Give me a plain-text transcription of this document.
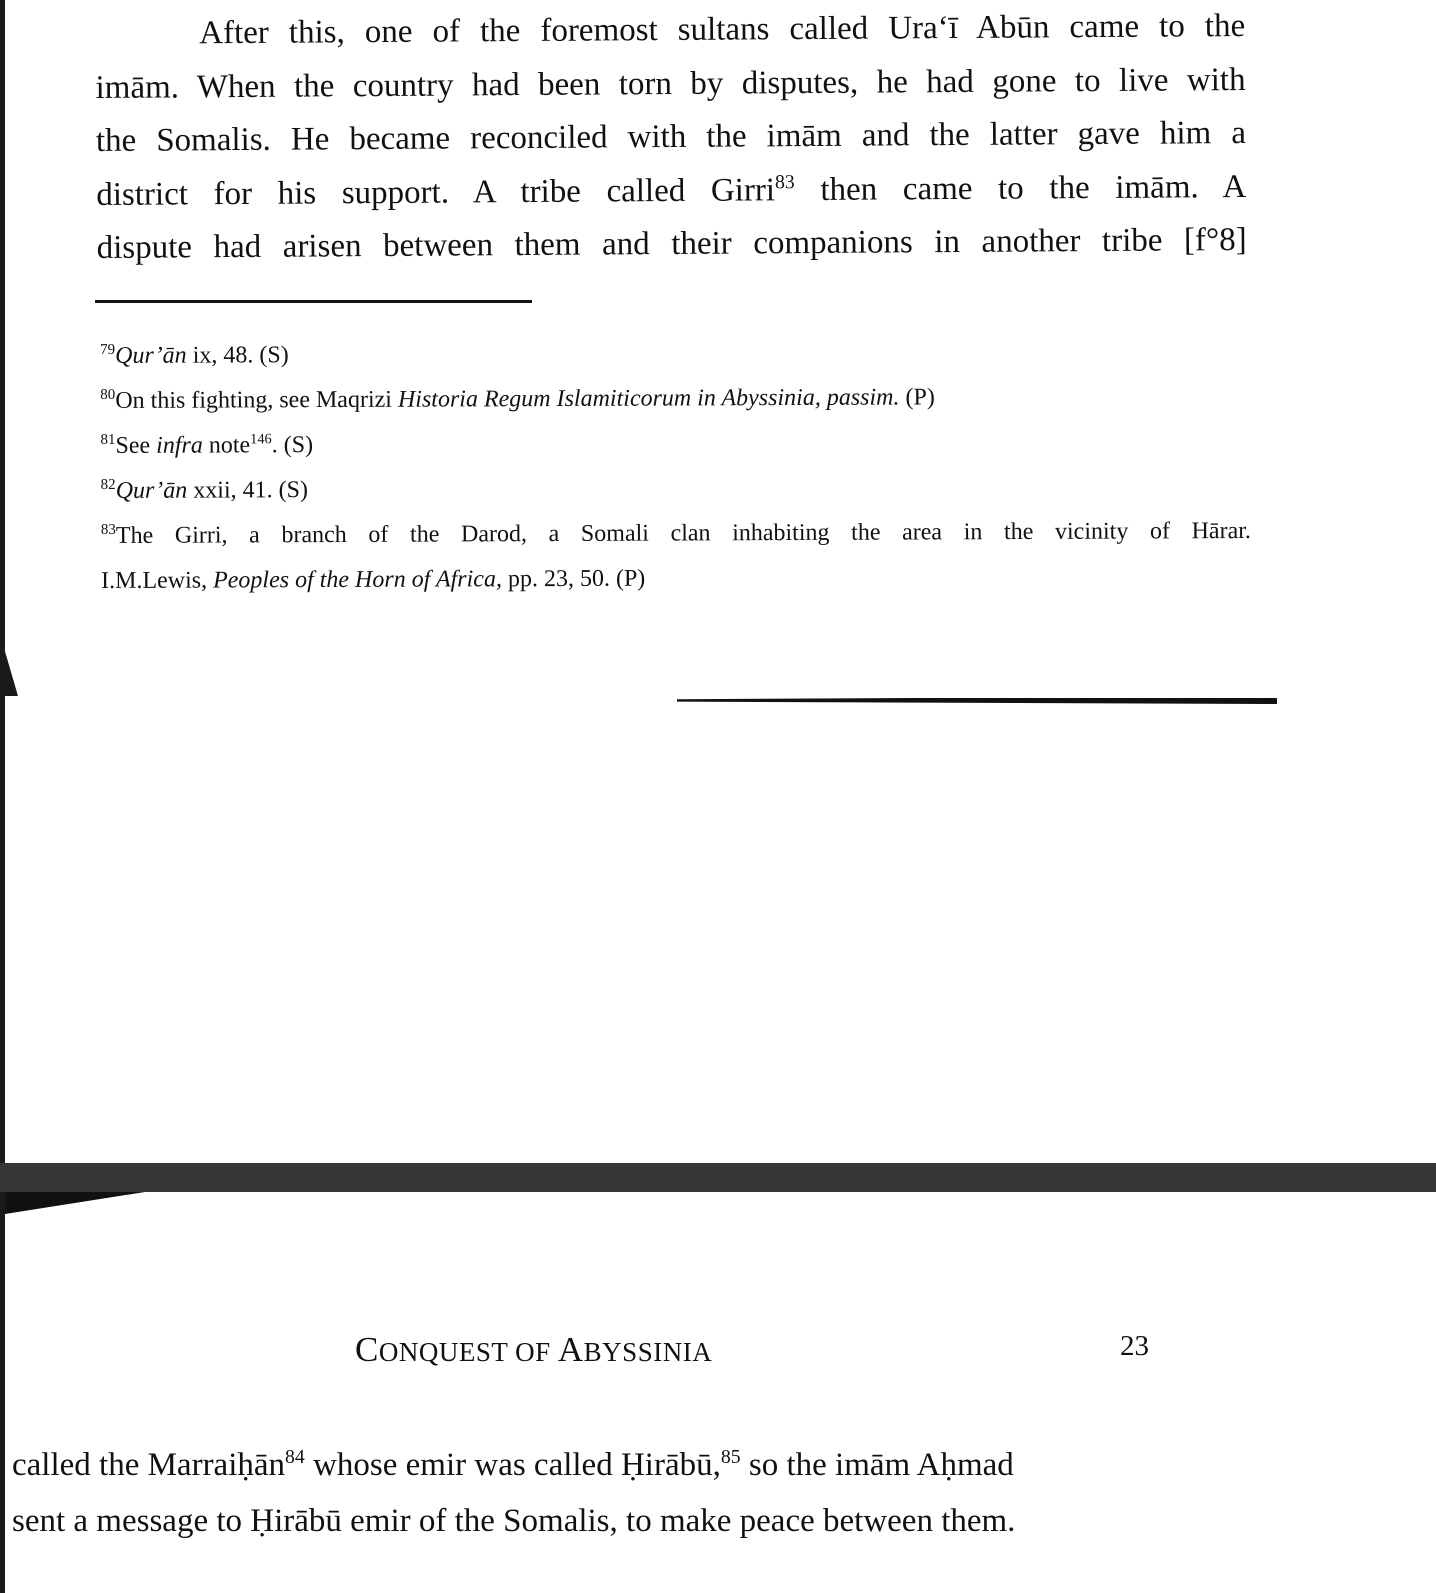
After this, one of the foremost sultans called Ura‘ī Abūn came to the
imām. When the country had been torn by disputes, he had gone to live with
the Somalis. He became reconciled with the imām and the latter gave him a
district for his support. A tribe called Girri$^{83}$ then came to the imām. A
dispute had arisen between them and their companions in another tribe [f°8]
$^{79}$Qur’ān ix, 48. (S)
$^{80}$On this fighting, see Maqrizi Historia Regum Islamiticorum in Abyssinia, passim. (P)
$^{81}$See infra note$^{146}$. (S)
$^{82}$Qur’ān xxii, 41. (S)
$^{83}$The Girri, a branch of the Darod, a Somali clan inhabiting the area in the vicinity of Hārar.
I.M.Lewis, Peoples of the Horn of Africa, pp. 23, 50. (P)
CONQUEST OF ABYSSINIA	23
called the $Marraiḥān^{84}$ whose emir was called Ḥirābū,$^{85}$ so the imām Aḥmad
sent a message to Ḥirābū emir of the Somalis, to make peace between them.
